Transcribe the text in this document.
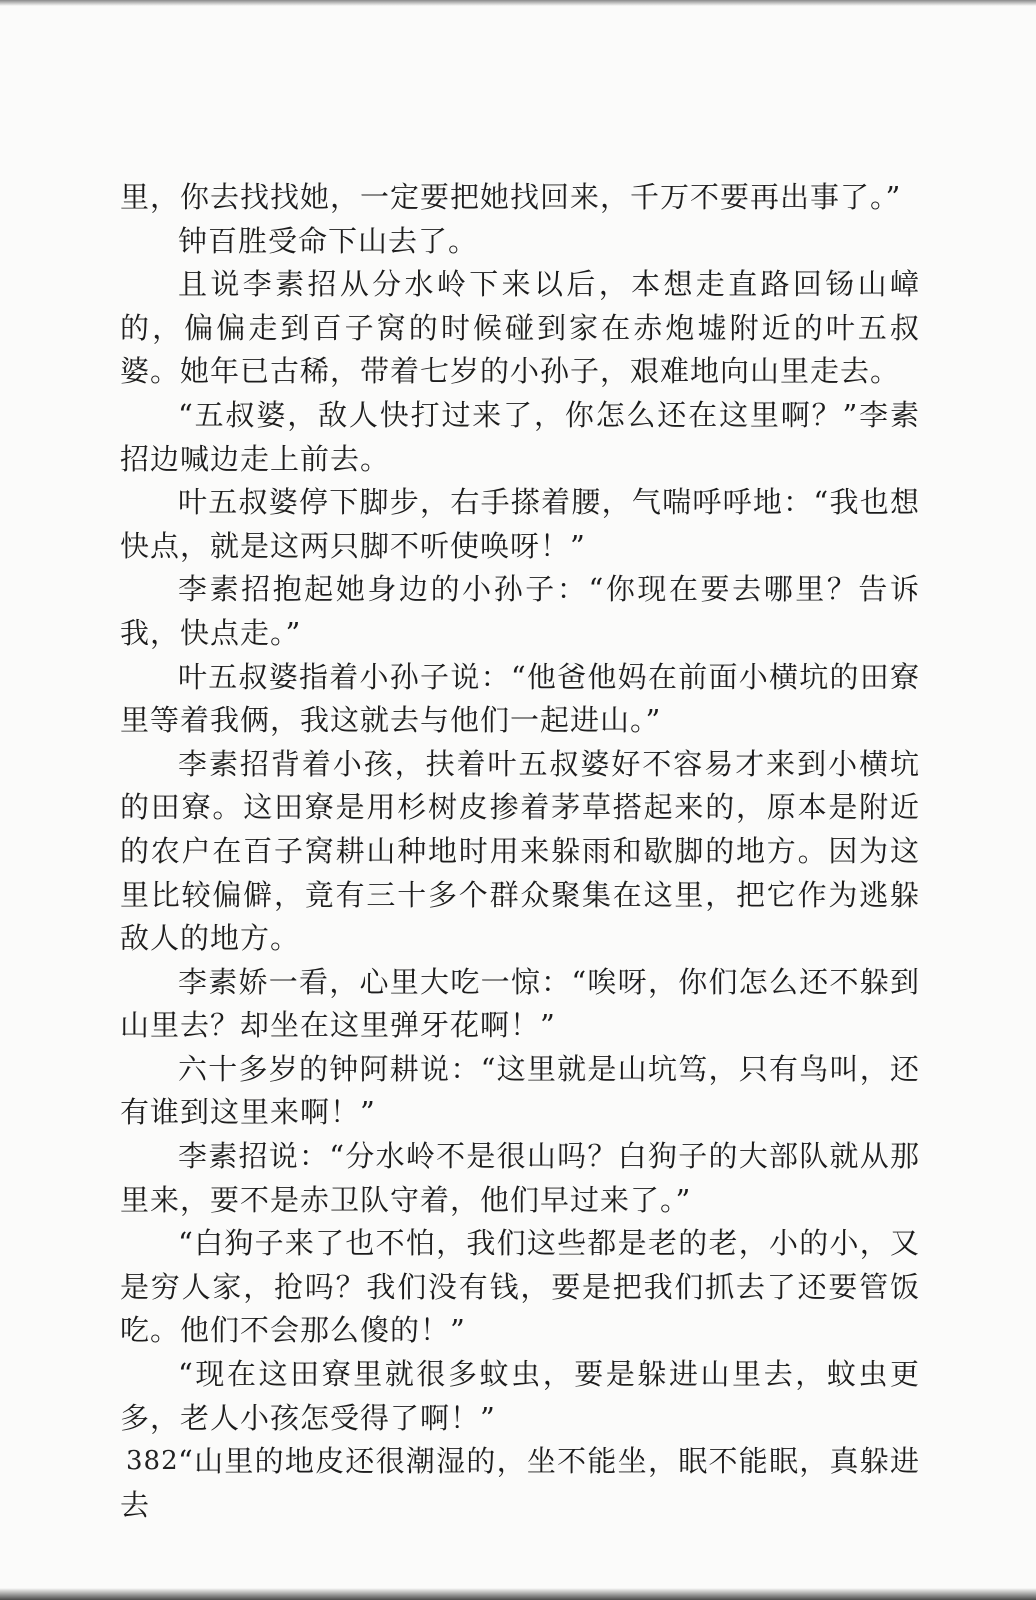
里，你去找找她，一定要把她找回来，千万不要再出事了。”

钟百胜受命下山去了。

且说李素招从分水岭下来以后，本想走直路回钖山嶂的，偏偏走到百子窝的时候碰到家在赤炮墟附近的叶五叔婆。她年已古稀，带着七岁的小孙子，艰难地向山里走去。

“五叔婆，敌人快打过来了，你怎么还在这里啊？”李素招边喊边走上前去。

叶五叔婆停下脚步，右手搽着腰，气喘呼呼地：“我也想快点，就是这两只脚不听使唤呀！”

李素招抱起她身边的小孙子：“你现在要去哪里？告诉我，快点走。”

叶五叔婆指着小孙子说：“他爸他妈在前面小横坑的田寮里等着我俩，我这就去与他们一起进山。”

李素招背着小孩，扶着叶五叔婆好不容易才来到小横坑的田寮。这田寮是用杉树皮掺着茅草搭起来的，原本是附近的农户在百子窝耕山种地时用来躲雨和歇脚的地方。因为这里比较偏僻，竟有三十多个群众聚集在这里，把它作为逃躲敌人的地方。

李素娇一看，心里大吃一惊：“唉呀，你们怎么还不躲到山里去？却坐在这里弹牙花啊！”

六十多岁的钟阿耕说：“这里就是山坑笃，只有鸟叫，还有谁到这里来啊！”

李素招说：“分水岭不是很山吗？白狗子的大部队就从那里来，要不是赤卫队守着，他们早过来了。”

“白狗子来了也不怕，我们这些都是老的老，小的小，又是穷人家，抢吗？我们没有钱，要是把我们抓去了还要管饭吃。他们不会那么傻的！”

“现在这田寮里就很多蚊虫，要是躲进山里去，蚊虫更多，老人小孩怎受得了啊！”

“山里的地皮还很潮湿的，坐不能坐，眠不能眠，真躲进去

382
